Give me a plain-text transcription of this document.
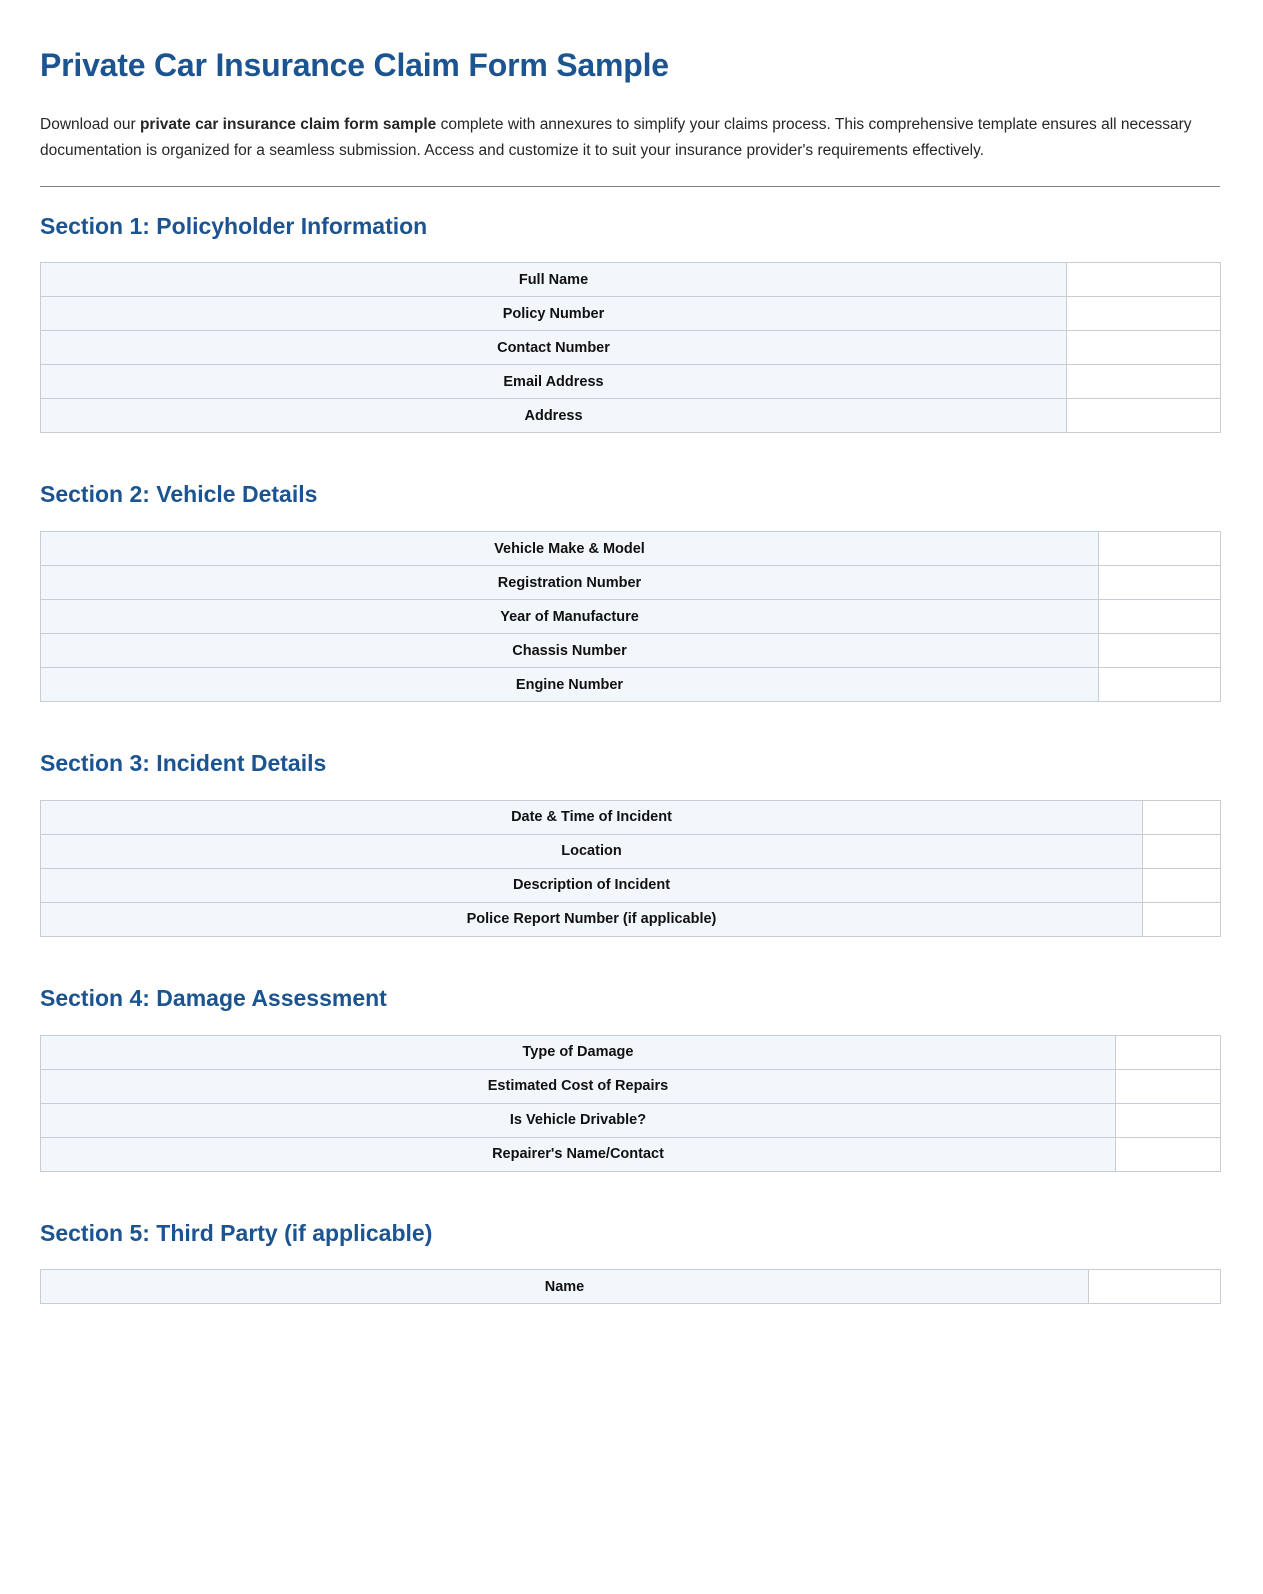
Private Car Insurance Claim Form Sample

Download our private car insurance claim form sample complete with annexures to simplify your claims process. This comprehensive template ensures all necessary documentation is organized for a seamless submission. Access and customize it to suit your insurance provider's requirements effectively.

Section 1: Policyholder Information
Full Name	
Policy Number	
Contact Number	
Email Address	
Address	
Section 2: Vehicle Details
Vehicle Make & Model	
Registration Number	
Year of Manufacture	
Chassis Number	
Engine Number	
Section 3: Incident Details
Date & Time of Incident	
Location	
Description of Incident	
Police Report Number (if applicable)	
Section 4: Damage Assessment
Type of Damage	
Estimated Cost of Repairs	
Is Vehicle Drivable?	
Repairer's Name/Contact	
Section 5: Third Party (if applicable)
Name	
